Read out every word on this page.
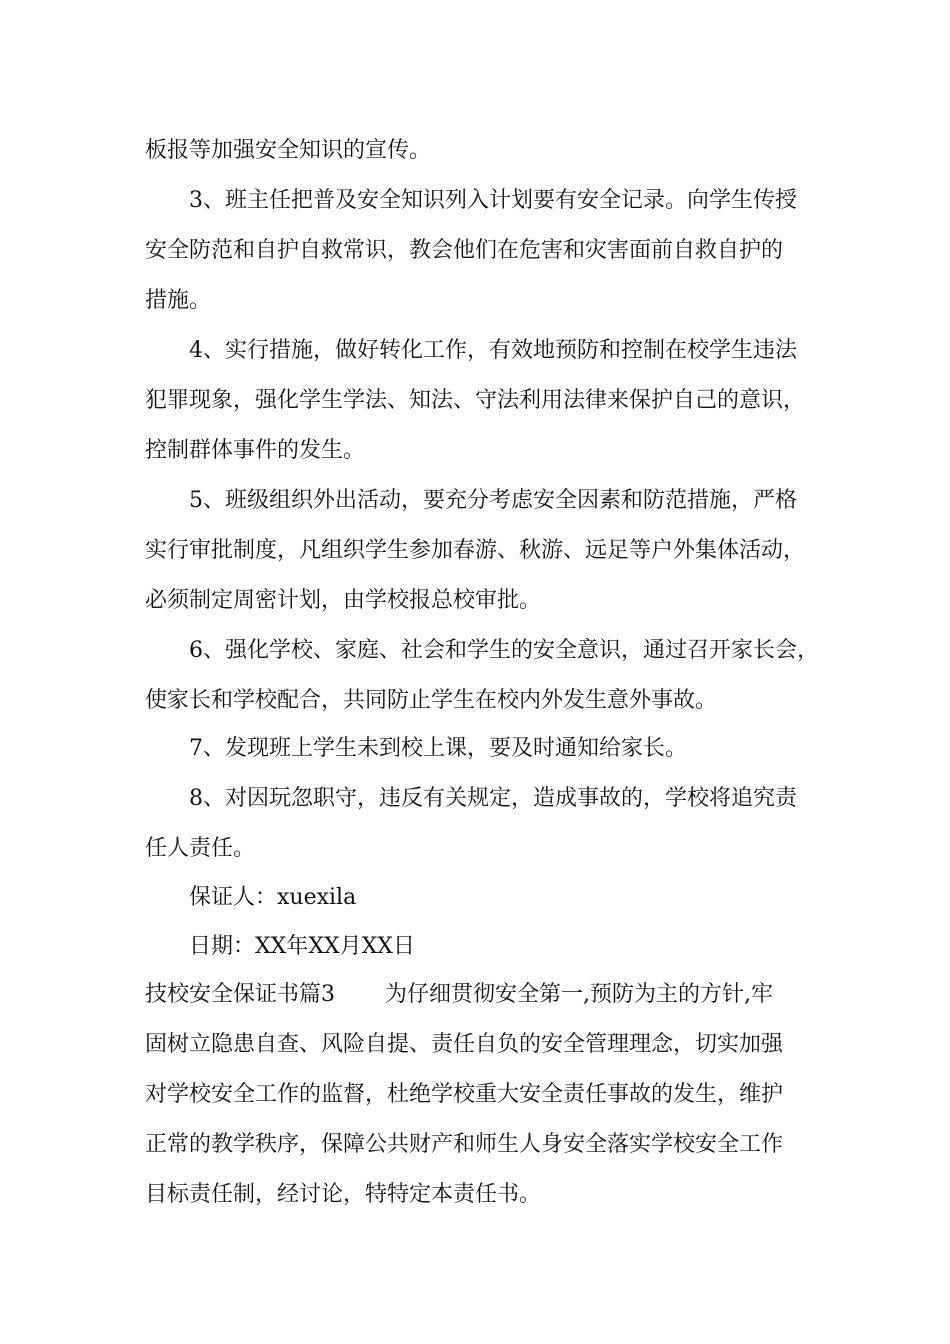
板报等加强安全知识的宣传。
3、班主任把普及安全知识列入计划要有安全记录。向学生传授
安全防范和自护自救常识，教会他们在危害和灾害面前自救自护的
措施。
4、实行措施，做好转化工作，有效地预防和控制在校学生违法
犯罪现象，强化学生学法、知法、守法利用法律来保护自己的意识，
控制群体事件的发生。
5、班级组织外出活动，要充分考虑安全因素和防范措施，严格
实行审批制度，凡组织学生参加春游、秋游、远足等户外集体活动，
必须制定周密计划，由学校报总校审批。
6、强化学校、家庭、社会和学生的安全意识，通过召开家长会，
使家长和学校配合，共同防止学生在校内外发生意外事故。
7、发现班上学生未到校上课，要及时通知给家长。
8、对因玩忽职守，违反有关规定，造成事故的，学校将追究责
任人责任。
保证人：xuexila
日期：XX年XX月XX日
技校安全保证书篇3 为仔细贯彻安全第一,预防为主的方针,牢
固树立隐患自查、风险自提、责任自负的安全管理理念，切实加强
对学校安全工作的监督，杜绝学校重大安全责任事故的发生，维护
正常的教学秩序，保障公共财产和师生人身安全落实学校安全工作
目标责任制，经讨论，特特定本责任书。
